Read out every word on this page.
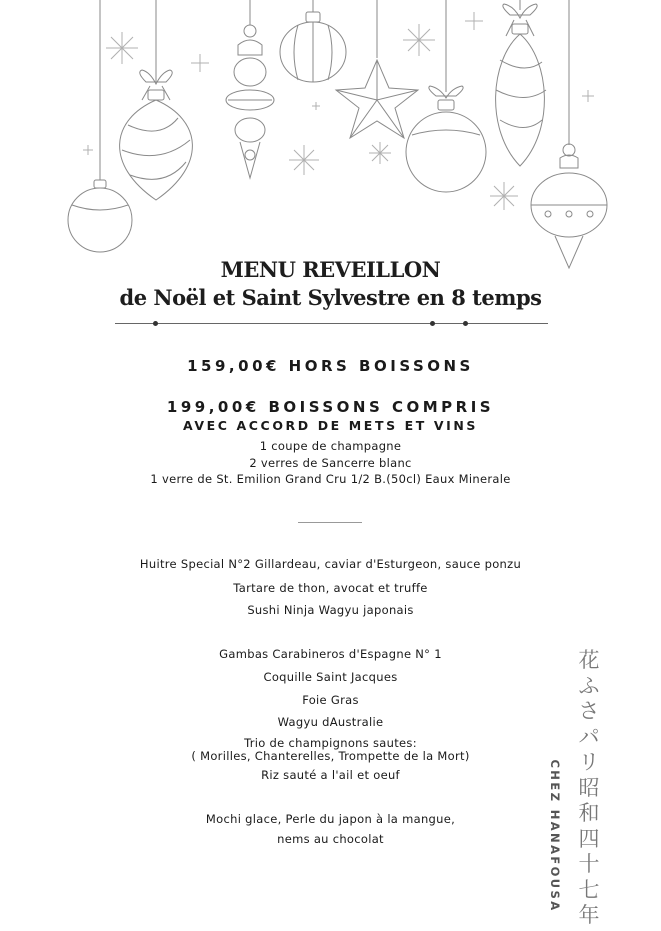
MENU REVEILLON
de Noël et Saint Sylvestre en 8 temps
159,00€ HORS BOISSONS
199,00€ BOISSONS COMPRIS
AVEC ACCORD DE METS ET VINS
1 coupe de champagne
2 verres de Sancerre blanc
1 verre de St. Emilion Grand Cru 1/2 B.(50cl) Eaux Minerale
Huitre Special N°2 Gillardeau, caviar d'Esturgeon, sauce ponzu
Tartare de thon, avocat et truffe
Sushi Ninja Wagyu japonais
Gambas Carabineros d'Espagne N° 1
Coquille Saint Jacques
Foie Gras
Wagyu dAustralie
Trio de champignons sautes:
( Morilles, Chanterelles, Trompette de la Mort)
Riz sauté a l'ail et oeuf
Mochi glace, Perle du japon à la mangue,
nems au chocolat
花
ふ
さ
パ
リ
昭
和
四
十
七
年
CHEZ HANAFOUSA
